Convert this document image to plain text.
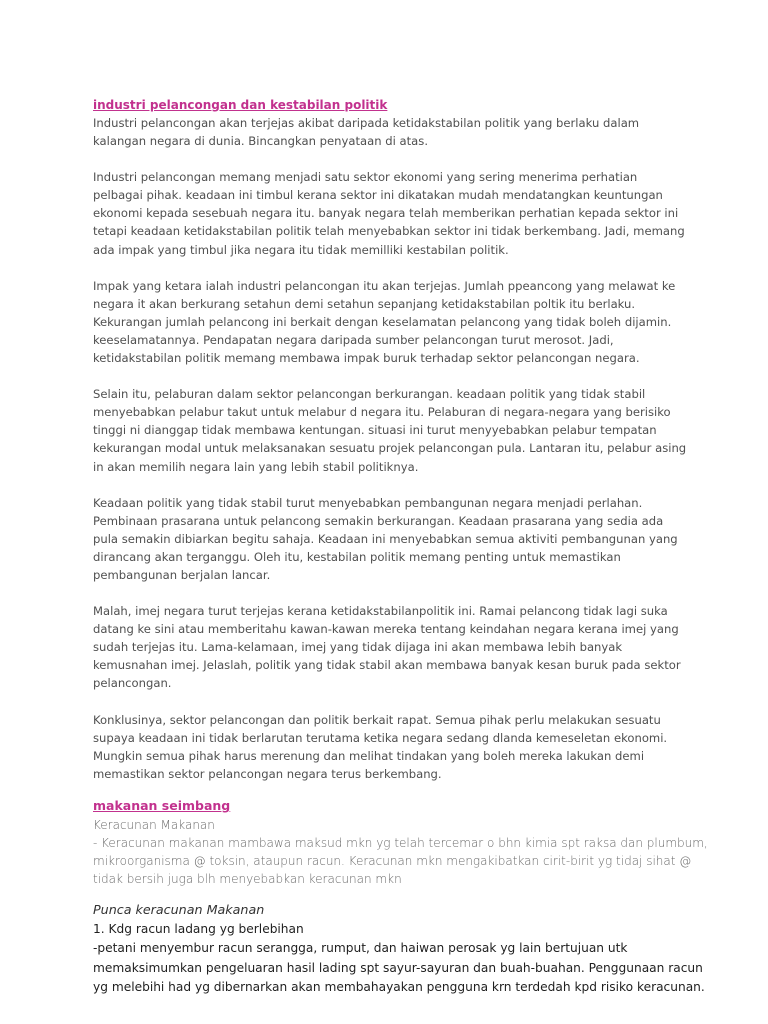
industri pelancongan dan kestabilan politik

Industri pelancongan akan terjejas akibat daripada ketidakstabilan politik yang berlaku dalam
kalangan negara di dunia. Bincangkan penyataan di atas.

Industri pelancongan memang menjadi satu sektor ekonomi yang sering menerima perhatian
pelbagai pihak. keadaan ini timbul kerana sektor ini dikatakan mudah mendatangkan keuntungan
ekonomi kepada sesebuah negara itu. banyak negara telah memberikan perhatian kepada sektor ini
tetapi keadaan ketidakstabilan politik telah menyebabkan sektor ini tidak berkembang. Jadi, memang
ada impak yang timbul jika negara itu tidak memilliki kestabilan politik.

Impak yang ketara ialah industri pelancongan itu akan terjejas. Jumlah ppeancong yang melawat ke
negara it akan berkurang setahun demi setahun sepanjang ketidakstabilan poltik itu berlaku.
Kekurangan jumlah pelancong ini berkait dengan keselamatan pelancong yang tidak boleh dijamin.
keeselamatannya. Pendapatan negara daripada sumber pelancongan turut merosot. Jadi,
ketidakstabilan politik memang membawa impak buruk terhadap sektor pelancongan negara.

Selain itu, pelaburan dalam sektor pelancongan berkurangan. keadaan politik yang tidak stabil
menyebabkan pelabur takut untuk melabur d negara itu. Pelaburan di negara-negara yang berisiko
tinggi ni dianggap tidak membawa kentungan. situasi ini turut menyyebabkan pelabur tempatan
kekurangan modal untuk melaksanakan sesuatu projek pelancongan pula. Lantaran itu, pelabur asing
in akan memilih negara lain yang lebih stabil politiknya.

Keadaan politik yang tidak stabil turut menyebabkan pembangunan negara menjadi perlahan.
Pembinaan prasarana untuk pelancong semakin berkurangan. Keadaan prasarana yang sedia ada
pula semakin dibiarkan begitu sahaja. Keadaan ini menyebabkan semua aktiviti pembangunan yang
dirancang akan terganggu. Oleh itu, kestabilan politik memang penting untuk memastikan
pembangunan berjalan lancar.

Malah, imej negara turut terjejas kerana ketidakstabilanpolitik ini. Ramai pelancong tidak lagi suka
datang ke sini atau memberitahu kawan-kawan mereka tentang keindahan negara kerana imej yang
sudah terjejas itu. Lama-kelamaan, imej yang tidak dijaga ini akan membawa lebih banyak
kemusnahan imej. Jelaslah, politik yang tidak stabil akan membawa banyak kesan buruk pada sektor
pelancongan.

Konklusinya, sektor pelancongan dan politik berkait rapat. Semua pihak perlu melakukan sesuatu
supaya keadaan ini tidak berlarutan terutama ketika negara sedang dlanda kemeseletan ekonomi.
Mungkin semua pihak harus merenung dan melihat tindakan yang boleh mereka lakukan demi
memastikan sektor pelancongan negara terus berkembang.

makanan seimbang

Keracunan Makanan
- Keracunan makanan mambawa maksud mkn yg telah tercemar o bhn kimia spt raksa dan plumbum,
mikroorganisma @ toksin, ataupun racun. Keracunan mkn mengakibatkan cirit-birit yg tidaj sihat @
tidak bersih juga blh menyebabkan keracunan mkn

Punca keracunan Makanan

1. Kdg racun ladang yg berlebihan
-petani menyembur racun serangga, rumput, dan haiwan perosak yg lain bertujuan utk
memaksimumkan pengeluaran hasil lading spt sayur-sayuran dan buah-buahan. Penggunaan racun
yg melebihi had yg dibernarkan akan membahayakan pengguna krn terdedah kpd risiko keracunan.
